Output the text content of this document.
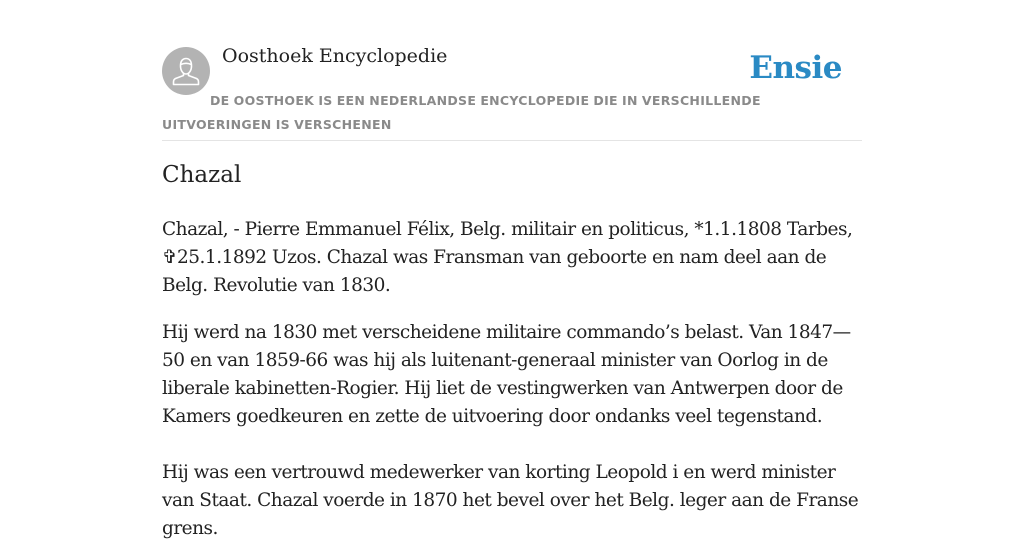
Oosthoek Encyclopedie	Ensie
DE OOSTHOEK IS EEN NEDERLANDSE ENCYCLOPEDIE DIE IN VERSCHILLENDE UITVOERINGEN IS VERSCHENEN
Chazal

Chazal, - Pierre Emmanuel Félix, Belg. militair en politicus, *1.1.1808 Tarbes, ✞25.1.1892 Uzos. Chazal was Fransman van geboorte en nam deel aan de Belg. Revolutie van 1830.

Hij werd na 1830 met verscheidene militaire commando’s belast. Van 1847—50 en van 1859-66 was hij als luitenant-generaal minister van Oorlog in de liberale kabinetten-Rogier. Hij liet de vestingwerken van Antwerpen door de Kamers goedkeuren en zette de uitvoering door ondanks veel tegenstand.

Hij was een vertrouwd medewerker van korting Leopold i en werd minister van Staat. Chazal voerde in 1870 het bevel over het Belg. leger aan de Franse grens.
